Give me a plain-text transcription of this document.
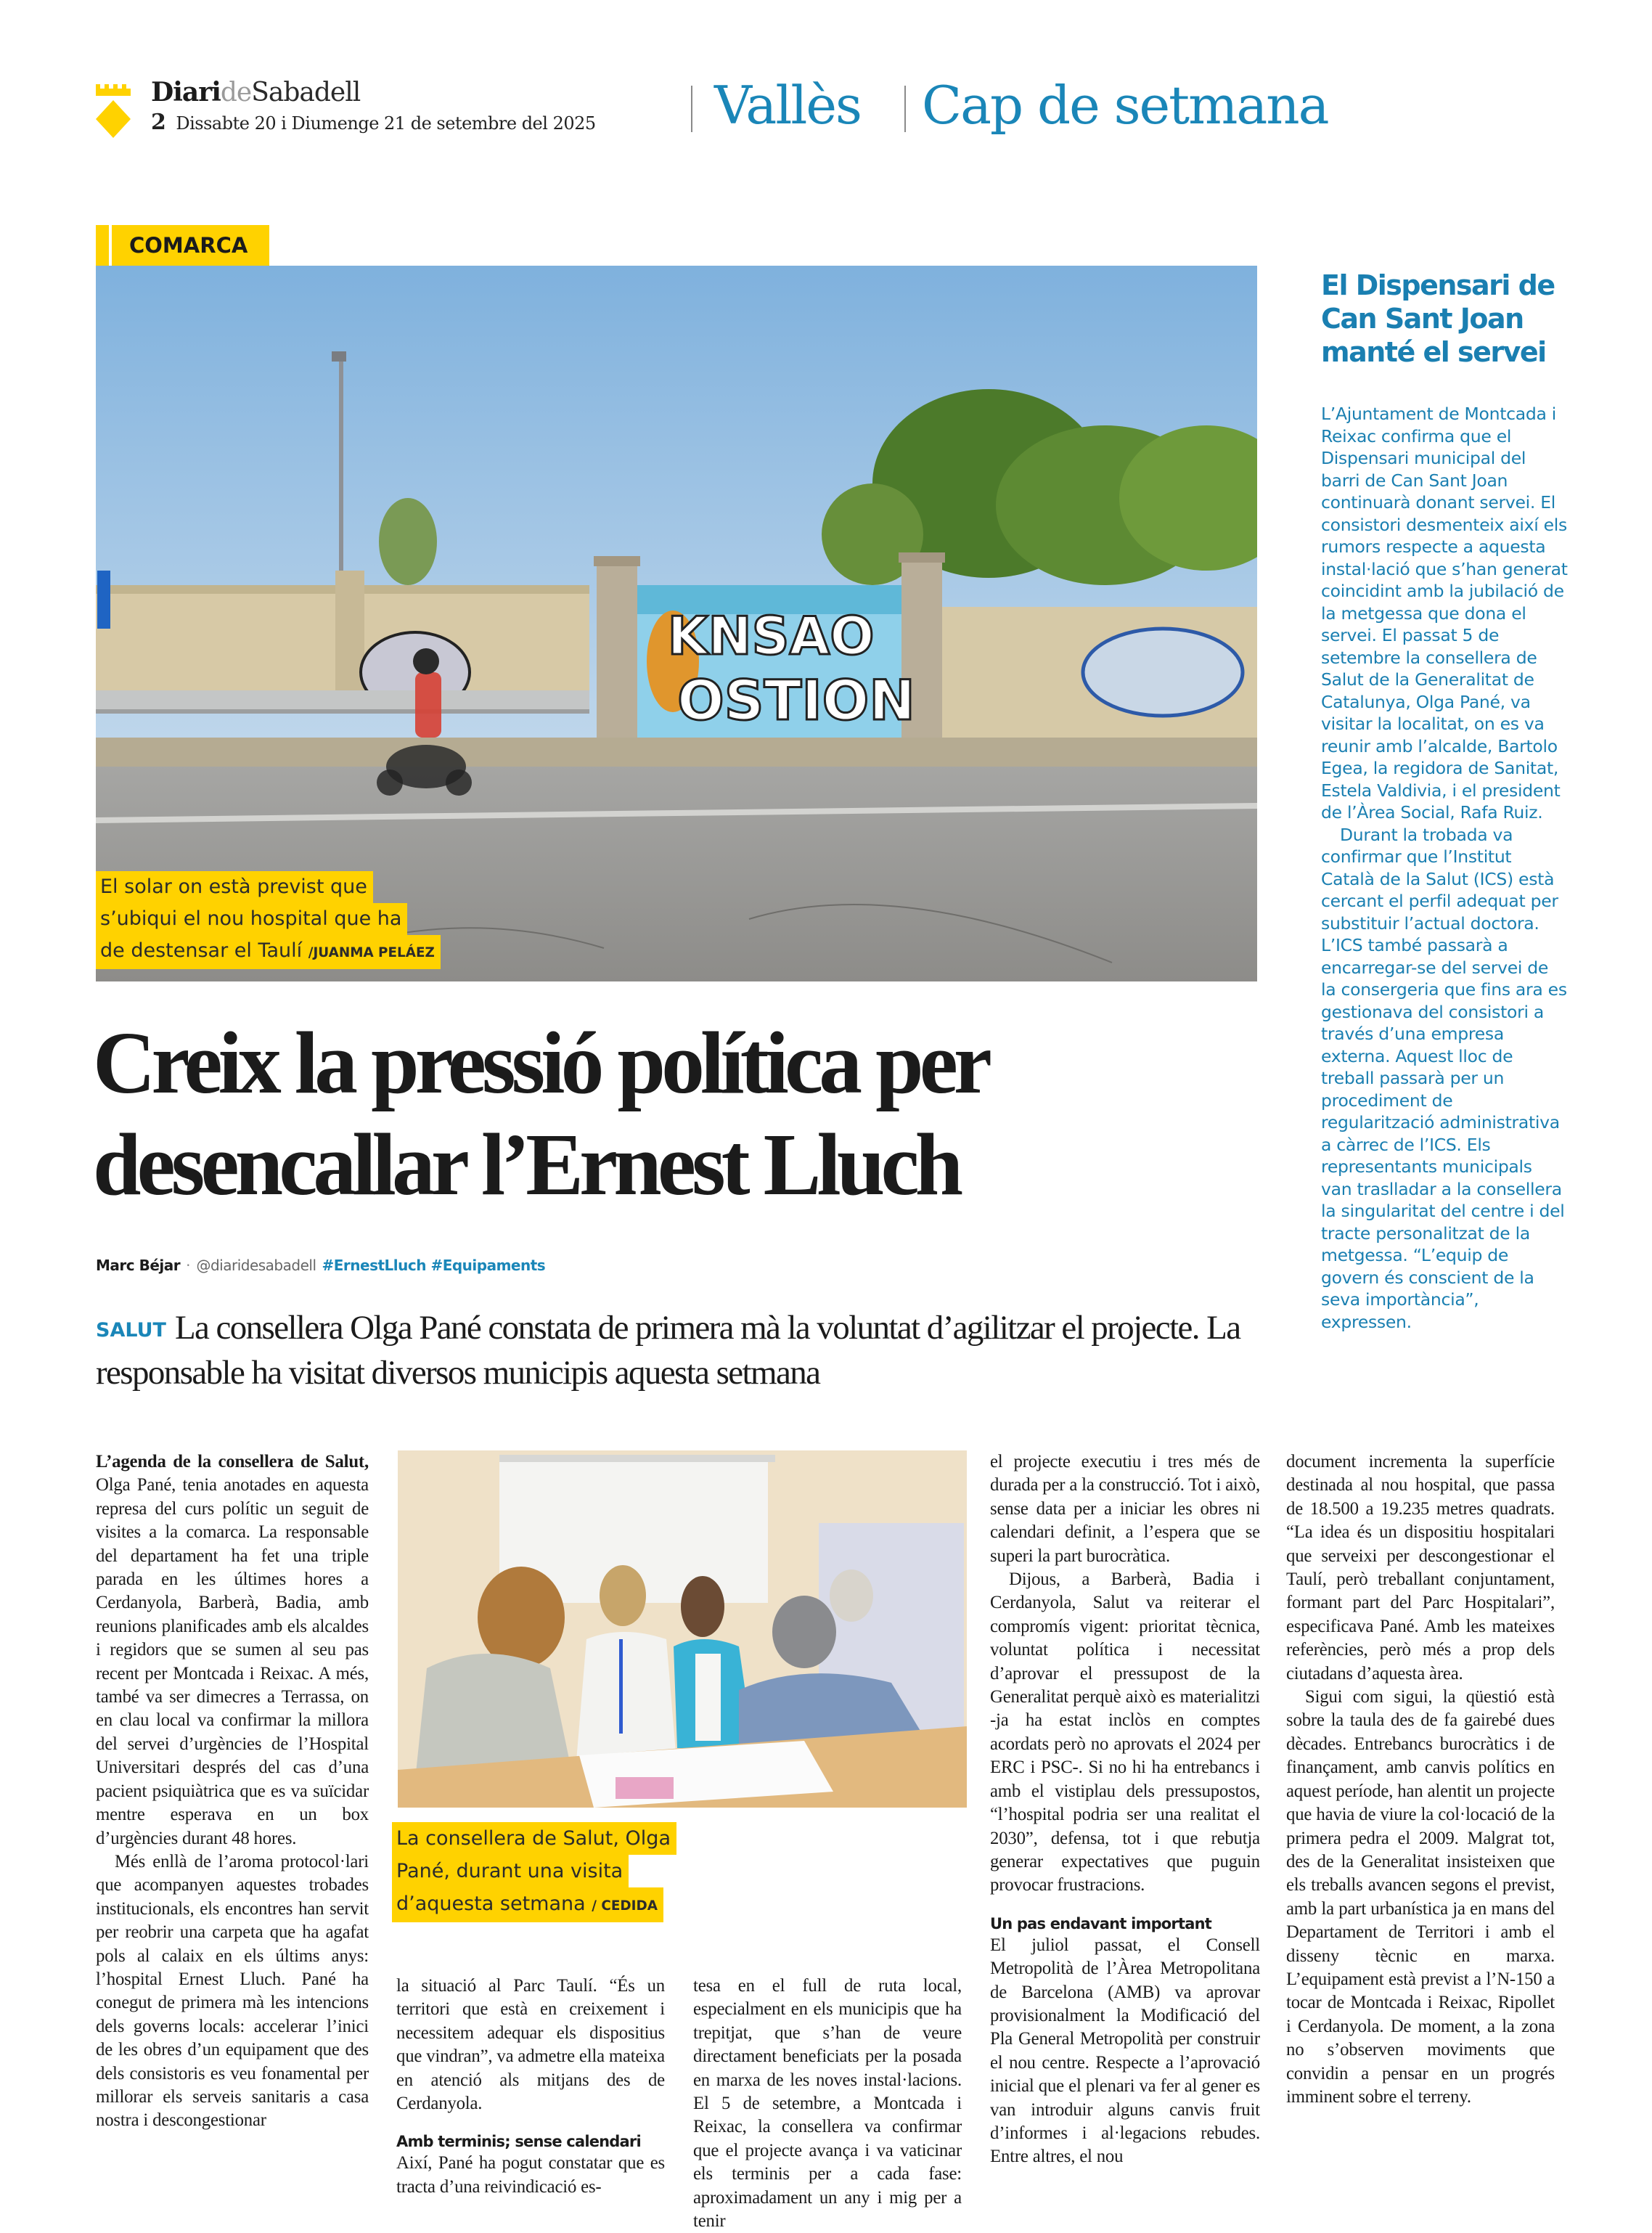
DiarideSabadell
2 Dissabte 20 i Diumenge 21 de setembre del 2025 Vallès Cap de setmana
COMARCA
KNSAO
OSTION
El solar on està previst que
s’ubiqui el nou hospital que ha
de destensar el Taulí /JUANMA PELÁEZ
El Dispensari de Can Sant Joan manté el servei

L’Ajuntament de Montcada i Reixac confirma que el Dispensari municipal del barri de Can Sant Joan continuarà donant servei. El consistori desmenteix així els rumors respecte a aquesta instal·lació que s’han generat coincidint amb la jubilació de la metgessa que dona el servei. El passat 5 de setembre la consellera de Salut de la Generalitat de Catalunya, Olga Pané, va visitar la localitat, on es va reunir amb l’alcalde, Bartolo Egea, la regidora de Sanitat, Estela Valdivia, i el president de l’Àrea Social, Rafa Ruiz.

Durant la trobada va confirmar que l’Institut Català de la Salut (ICS) està cercant el perfil adequat per substituir l’actual doctora. L’ICS també passarà a encarregar-se del servei de la consergeria que fins ara es gestionava del consistori a través d’una empresa externa. Aquest lloc de treball passarà per un procediment de regularització administrativa a càrrec de l’ICS. Els representants municipals van traslladar a la consellera la singularitat del centre i del tracte personalitzat de la metgessa. “L’equip de govern és conscient de la seva importància”, expressen.

Creix la pressió política per desencallar l’Ernest Lluch
Marc Béjar · @diaridesabadell #ErnestLluch #Equipaments
SALUT La consellera Olga Pané constata de primera mà la voluntat d’agilitzar el projecte. La responsable ha visitat diversos municipis aquesta setmana
La consellera de Salut, Olga
Pané, durant una visita
d’aquesta setmana / CEDIDA

L’agenda de la consellera de Salut, Olga Pané, tenia anotades en aquesta represa del curs polític un seguit de visites a la comarca. La responsable del departament ha fet una triple parada en les últimes hores a Cerdanyola, Barberà, Badia, amb reunions planificades amb els alcaldes i regidors que se sumen al seu pas recent per Montcada i Reixac. A més, també va ser dimecres a Terrassa, on en clau local va confirmar la millora del servei d’urgències de l’Hospital Universitari després del cas d’una pacient psiquiàtrica que es va suïcidar mentre esperava en un box d’urgències durant 48 hores.

Més enllà de l’aroma protocol·lari que acompanyen aquestes trobades institucionals, els encontres han servit per reobrir una carpeta que ha agafat pols al calaix en els últims anys: l’hospital Ernest Lluch. Pané ha conegut de primera mà les intencions dels governs locals: accelerar l’inici de les obres d’un equipament que des dels consistoris es veu fonamental per millorar els serveis sanitaris a casa nostra i descongestionar

la situació al Parc Taulí. “És un territori que està en creixement i necessitem adequar els dispositius que vindran”, va admetre ella mateixa en atenció als mitjans des de Cerdanyola.

Amb terminis; sense calendari

Així, Pané ha pogut constatar que es tracta d’una reivindicació es-

tesa en el full de ruta local, especialment en els municipis que ha trepitjat, que s’han de veure directament beneficiats per la posada en marxa de les noves instal·lacions. El 5 de setembre, a Montcada i Reixac, la consellera va confirmar que el projecte avança i va vaticinar els terminis per a cada fase: aproximadament un any i mig per a tenir

el projecte executiu i tres més de durada per a la construcció. Tot i això, sense data per a iniciar les obres ni calendari definit, a l’espera que se superi la part burocràtica.

Dijous, a Barberà, Badia i Cerdanyola, Salut va reiterar el compromís vigent: prioritat tècnica, voluntat política i necessitat d’aprovar el pressupost de la Generalitat perquè això es materialitzi -ja ha estat inclòs en comptes acordats però no aprovats el 2024 per ERC i PSC-. Si no hi ha entrebancs i amb el vistiplau dels pressupostos, “l’hospital podria ser una realitat el 2030”, defensa, tot i que rebutja generar expectatives que puguin provocar frustracions.

Un pas endavant important

El juliol passat, el Consell Metropolità de l’Àrea Metropolitana de Barcelona (AMB) va aprovar provisionalment la Modificació del Pla General Metropolità per construir el nou centre. Respecte a l’aprovació inicial que el plenari va fer al gener es van introduir alguns canvis fruit d’informes i al·legacions rebudes. Entre altres, el nou

document incrementa la superfície destinada al nou hospital, que passa de 18.500 a 19.235 metres quadrats. “La idea és un dispositiu hospitalari que serveixi per descongestionar el Taulí, però treballant conjuntament, formant part del Parc Hospitalari”, especificava Pané. Amb les mateixes referències, però més a prop dels ciutadans d’aquesta àrea.

Sigui com sigui, la qüestió està sobre la taula des de fa gairebé dues dècades. Entrebancs burocràtics i de finançament, amb canvis polítics en aquest període, han alentit un projecte que havia de viure la col·locació de la primera pedra el 2009. Malgrat tot, des de la Generalitat insisteixen que els treballs avancen segons el previst, amb la part urbanística ja en mans del Departament de Territori i amb el disseny tècnic en marxa. L’equipament està previst a l’N-150 a tocar de Montcada i Reixac, Ripollet i Cerdanyola. De moment, a la zona no s’observen moviments que convidin a pensar en un progrés imminent sobre el terreny.
